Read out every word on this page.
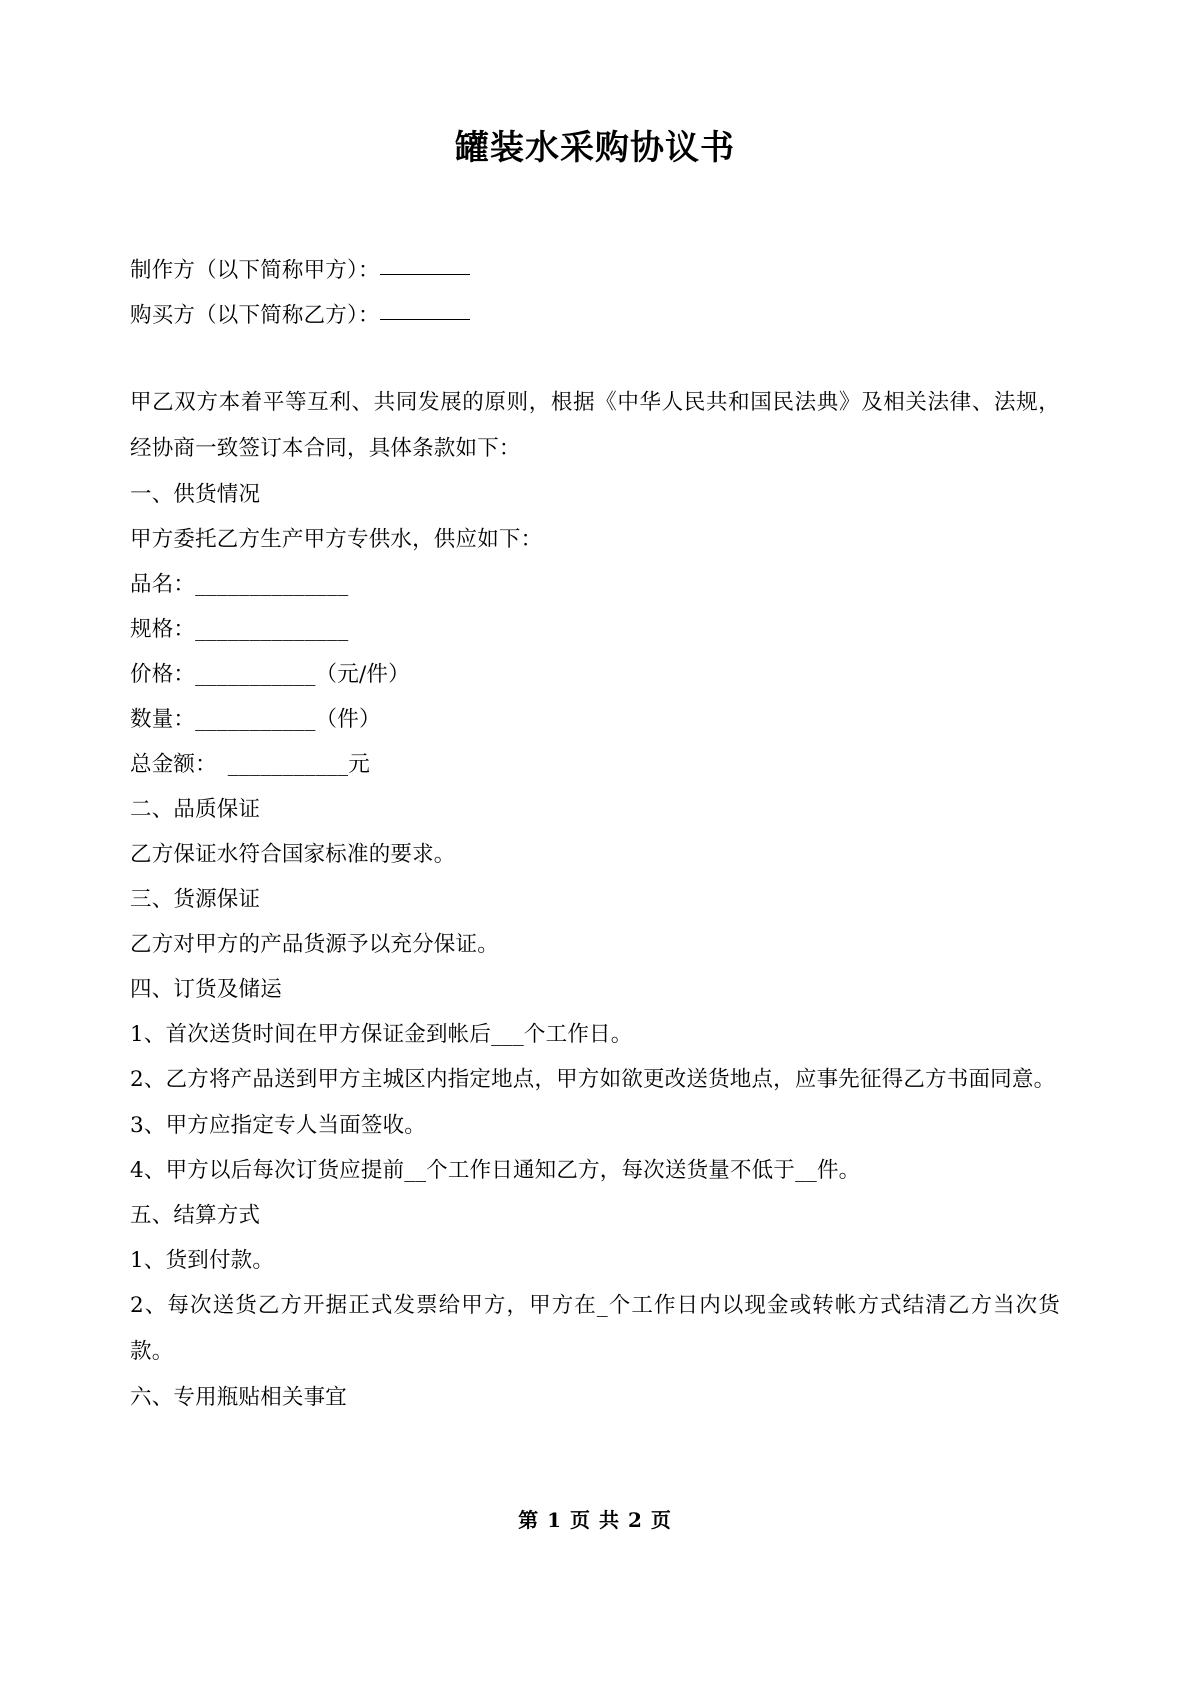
罐装水采购协议书
制作方（以下简称甲方）：
购买方（以下简称乙方）：
甲乙双方本着平等互利、共同发展的原则，根据《中华人民共和国民法典》及相关法律、法规，经协商一致签订本合同，具体条款如下：
一、供货情况
甲方委托乙方生产甲方专供水，供应如下：
品名：______________
规格：______________
价格：___________（元/件）
数量：___________（件）
总金额：　___________元
二、品质保证
乙方保证水符合国家标准的要求。
三、货源保证
乙方对甲方的产品货源予以充分保证。
四、订货及储运
1、首次送货时间在甲方保证金到帐后___个工作日。
2、乙方将产品送到甲方主城区内指定地点，甲方如欲更改送货地点，应事先征得乙方书面同意。
3、甲方应指定专人当面签收。
4、甲方以后每次订货应提前__个工作日通知乙方，每次送货量不低于__件。
五、结算方式
1、货到付款。
2、每次送货乙方开据正式发票给甲方，甲方在_个工作日内以现金或转帐方式结清乙方当次货款。
六、专用瓶贴相关事宜
第 1 页 共 2 页
